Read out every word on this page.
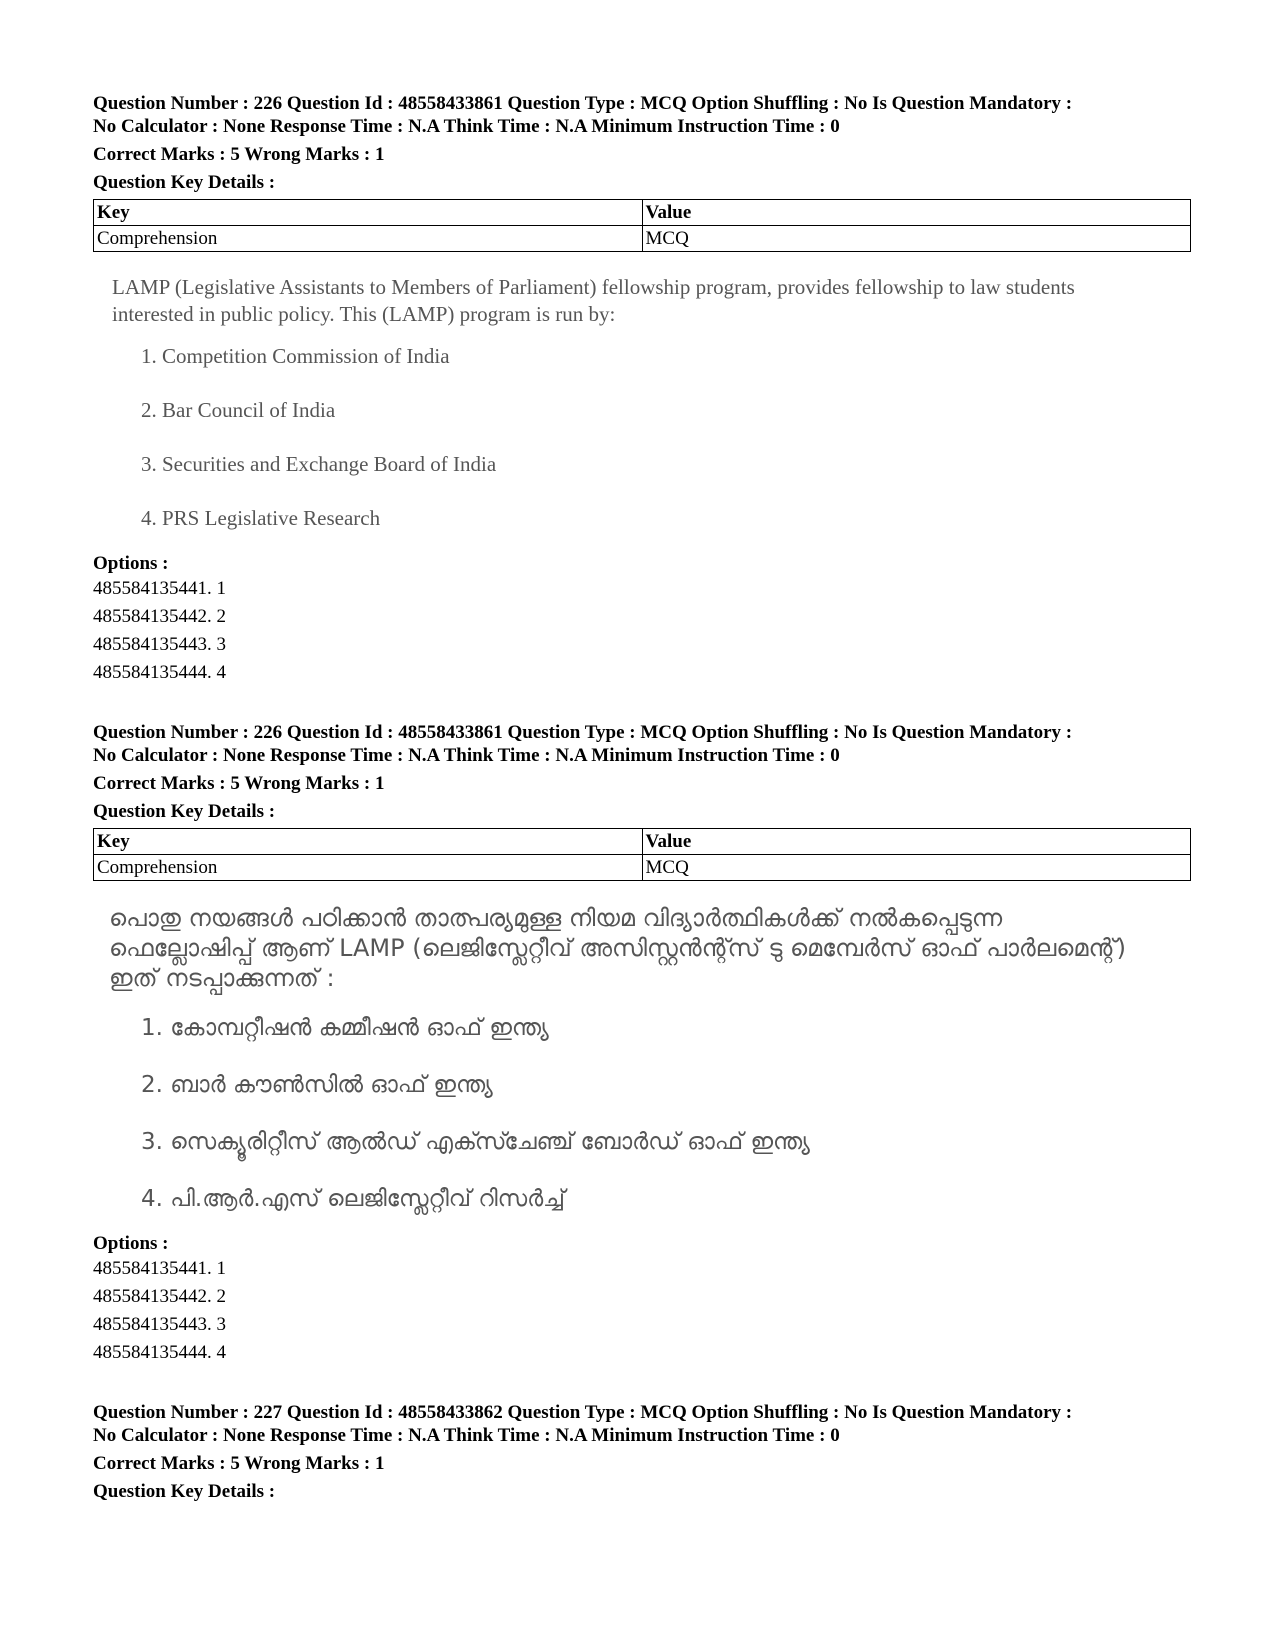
Question Number : 226 Question Id : 48558433861 Question Type : MCQ Option Shuffling : No Is Question Mandatory :
No Calculator : None Response Time : N.A Think Time : N.A Minimum Instruction Time : 0
Correct Marks : 5 Wrong Marks : 1
Question Key Details :
Key	Value
Comprehension	MCQ
LAMP (Legislative Assistants to Members of Parliament) fellowship program, provides fellowship to law students interested in public policy. This (LAMP) program is run by:
1. Competition Commission of India
2. Bar Council of India
3. Securities and Exchange Board of India
4. PRS Legislative Research
Options :
485584135441. 1
485584135442. 2
485584135443. 3
485584135444. 4
Question Number : 226 Question Id : 48558433861 Question Type : MCQ Option Shuffling : No Is Question Mandatory :
No Calculator : None Response Time : N.A Think Time : N.A Minimum Instruction Time : 0
Correct Marks : 5 Wrong Marks : 1
Question Key Details :
Key	Value
Comprehension	MCQ
പൊതു നയങ്ങൾ പഠിക്കാൻ താത്പര്യമുള്ള നിയമ വിദ്യാർത്ഥികൾക്ക് നൽകപ്പെടുന്ന ഫെല്ലോഷിപ്പ് ആണ് LAMP (ലെജിസ്ലേറ്റീവ് അസിസ്റ്റൻന്റ്സ് ടു മെമ്പേർസ് ഓഫ് പാർലമെന്റ്) ഇത് നടപ്പാക്കുന്നത് :
1. കോമ്പറ്റീഷൻ കമ്മീഷൻ ഓഫ് ഇന്ത്യ
2. ബാർ കൗൺസിൽ ഓഫ് ഇന്ത്യ
3. സെക്യൂരിറ്റീസ് ആൽഡ് എക്സ്ചേഞ്ച് ബോർഡ് ഓഫ് ഇന്ത്യ
4. പി.ആർ.എസ് ലെജിസ്ലേറ്റീവ് റിസർച്ച്
Options :
485584135441. 1
485584135442. 2
485584135443. 3
485584135444. 4
Question Number : 227 Question Id : 48558433862 Question Type : MCQ Option Shuffling : No Is Question Mandatory :
No Calculator : None Response Time : N.A Think Time : N.A Minimum Instruction Time : 0
Correct Marks : 5 Wrong Marks : 1
Question Key Details :
